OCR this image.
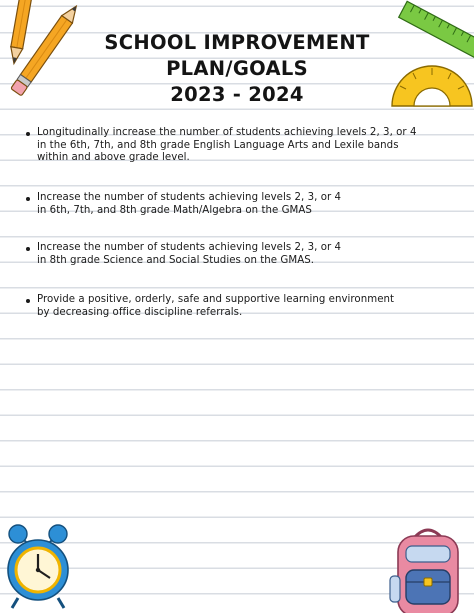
SCHOOL IMPROVEMENT
PLAN/GOALS
2023 - 2024
Longitudinally increase the number of students achieving levels 2, 3, or 4
in the 6th, 7th, and 8th grade English Language Arts and Lexile bands
within and above grade level.
Increase the number of students achieving levels 2, 3, or 4
in 6th, 7th, and 8th grade Math/Algebra on the GMAS
Increase the number of students achieving levels 2, 3, or 4
in 8th grade Science and Social Studies on the GMAS.
Provide a positive, orderly, safe and supportive learning environment
by decreasing office discipline referrals.
